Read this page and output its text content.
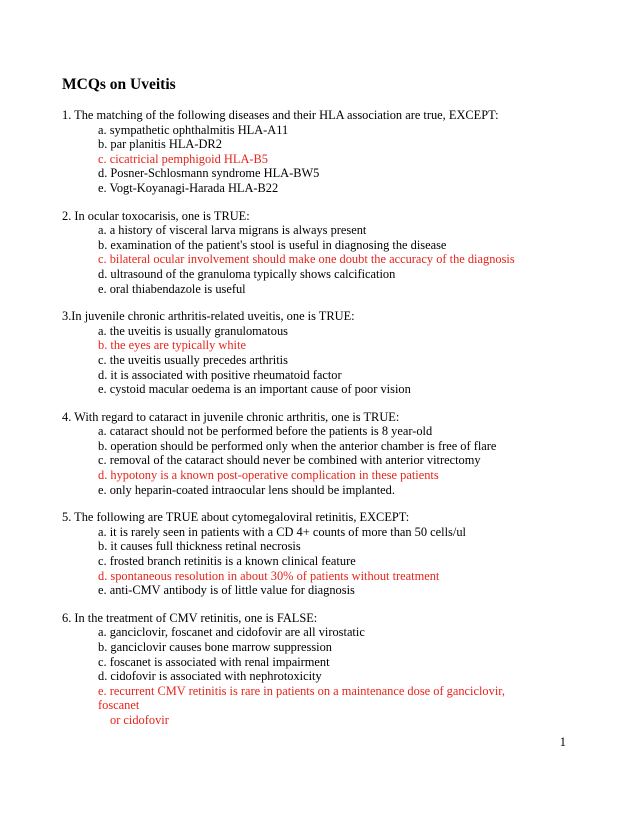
MCQs on Uveitis
1. The matching of the following diseases and their HLA association are true, EXCEPT:
a. sympathetic ophthalmitis HLA-A11
b. par planitis HLA-DR2
c. cicatricial pemphigoid HLA-B5
d. Posner-Schlosmann syndrome HLA-BW5
e. Vogt-Koyanagi-Harada HLA-B22
2. In ocular toxocarisis, one is TRUE:
a. a history of visceral larva migrans is always present
b. examination of the patient's stool is useful in diagnosing the disease
c. bilateral ocular involvement should make one doubt the accuracy of the diagnosis
d. ultrasound of the granuloma typically shows calcification
e. oral thiabendazole is useful
3.In juvenile chronic arthritis-related uveitis, one is TRUE:
a. the uveitis is usually granulomatous
b. the eyes are typically white
c. the uveitis usually precedes arthritis
d. it is associated with positive rheumatoid factor
e. cystoid macular oedema is an important cause of poor vision
4. With regard to cataract in juvenile chronic arthritis, one is TRUE:
a. cataract should not be performed before the patients is 8 year-old
b. operation should be performed only when the anterior chamber is free of flare
c. removal of the cataract should never be combined with anterior vitrectomy
d. hypotony is a known post-operative complication in these patients
e. only heparin-coated intraocular lens should be implanted.
5. The following are TRUE about cytomegaloviral retinitis, EXCEPT:
a. it is rarely seen in patients with a CD 4+ counts of more than 50 cells/ul
b. it causes full thickness retinal necrosis
c. frosted branch retinitis is a known clinical feature
d. spontaneous resolution in about 30% of patients without treatment
e. anti-CMV antibody is of little value for diagnosis
6. In the treatment of CMV retinitis, one is FALSE:
a. ganciclovir, foscanet and cidofovir are all virostatic
b. ganciclovir causes bone marrow suppression
c. foscanet is associated with renal impairment
d. cidofovir is associated with nephrotoxicity
e. recurrent CMV retinitis is rare in patients on a maintenance dose of ganciclovir, foscanet
or cidofovir
1
